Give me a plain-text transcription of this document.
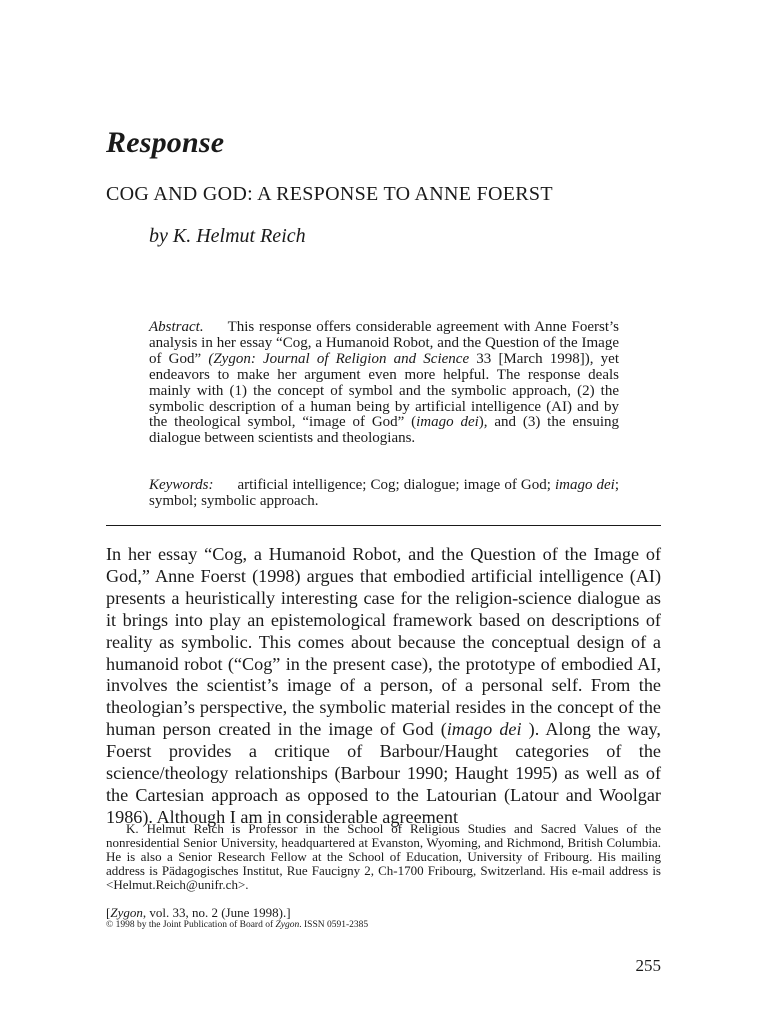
Response
COG AND GOD: A RESPONSE TO ANNE FOERST
by K. Helmut Reich
Abstract. This response offers considerable agreement with Anne Foerst’s analysis in her essay “Cog, a Humanoid Robot, and the Question of the Image of God” (Zygon: Journal of Religion and Science 33 [March 1998]), yet endeavors to make her argument even more helpful. The response deals mainly with (1) the concept of symbol and the symbolic approach, (2) the symbolic description of a human being by artificial intelligence (AI) and by the theological symbol, “image of God” (imago dei), and (3) the ensuing dialogue between scientists and theologians.
Keywords: artificial intelligence; Cog; dialogue; image of God; imago dei; symbol; symbolic approach.
In her essay “Cog, a Humanoid Robot, and the Question of the Image of God,” Anne Foerst (1998) argues that embodied artificial intelligence (AI) presents a heuristically interesting case for the religion-science dialogue as it brings into play an epistemological framework based on descriptions of reality as symbolic. This comes about because the conceptual design of a humanoid robot (“Cog” in the present case), the prototype of embodied AI, involves the scientist’s image of a person, of a personal self. From the theologian’s perspective, the symbolic material resides in the concept of the human person created in the image of God (imago dei ). Along the way, Foerst provides a critique of Barbour/Haught categories of the science/theology relationships (Barbour 1990; Haught 1995) as well as of the Cartesian approach as opposed to the Latourian (Latour and Woolgar 1986). Although I am in considerable agreement
K. Helmut Reich is Professor in the School of Religious Studies and Sacred Values of the nonresidential Senior University, headquartered at Evanston, Wyoming, and Richmond, British Columbia. He is also a Senior Research Fellow at the School of Education, University of Fribourg. His mailing address is Pädagogisches Institut, Rue Faucigny 2, Ch-1700 Fribourg, Switzerland. His e-mail address is <Helmut.Reich@unifr.ch>.
[Zygon, vol. 33, no. 2 (June 1998).]
© 1998 by the Joint Publication of Board of Zygon. ISSN 0591-2385
255
